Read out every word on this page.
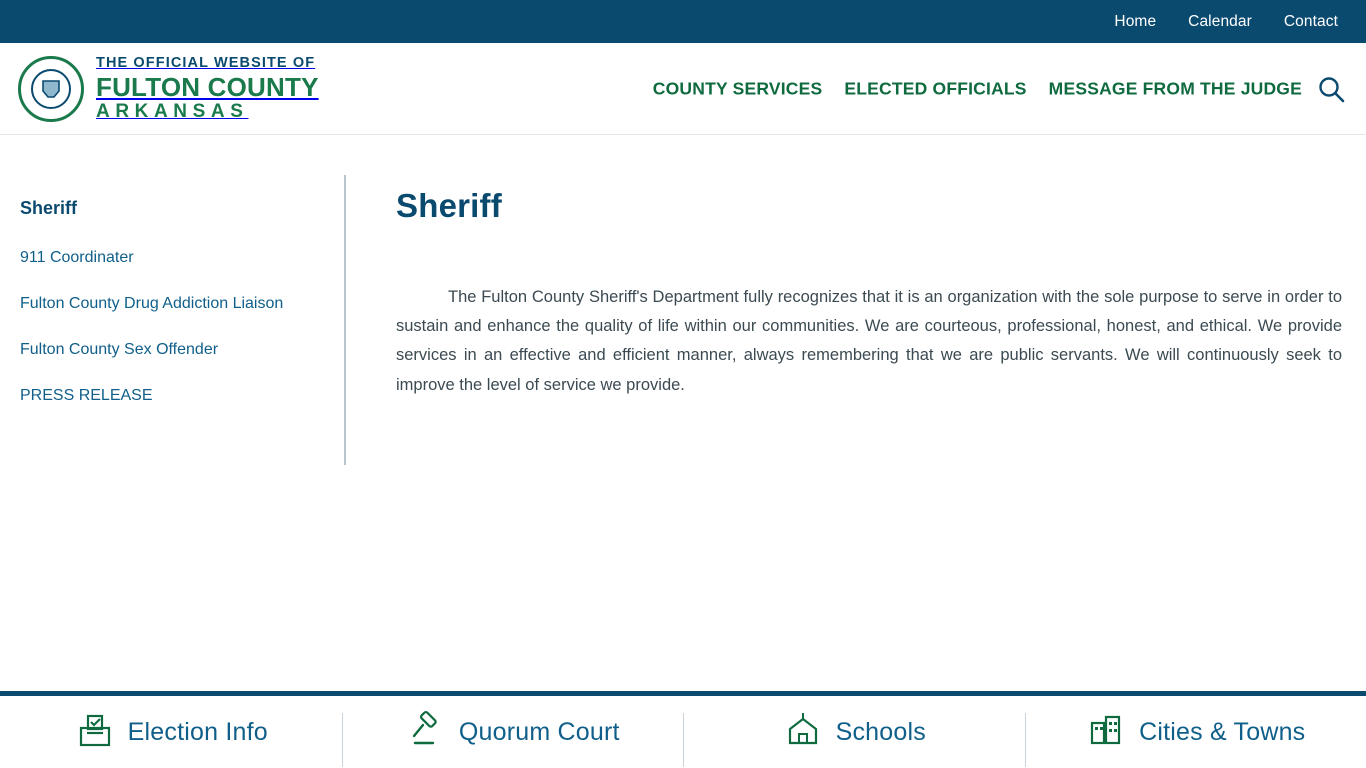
Home Calendar Contact
THE OFFICIAL WEBSITE OF
FULTON COUNTY
ARKANSAS
COUNTY SERVICES ELECTED OFFICIALS MESSAGE FROM THE JUDGE
Sheriff
911 Coordinater
Fulton County Drug Addiction Liaison
Fulton County Sex Offender
PRESS RELEASE
Sheriff

The Fulton County Sheriff's Department fully recognizes that it is an organization with the sole purpose to serve in order to sustain and enhance the quality of life within our communities. We are courteous, professional, honest, and ethical. We provide services in an effective and efficient manner, always remembering that we are public servants. We will continuously seek to improve the level of service we provide.

Election Info	Quorum Court	Schools	Cities & Towns
